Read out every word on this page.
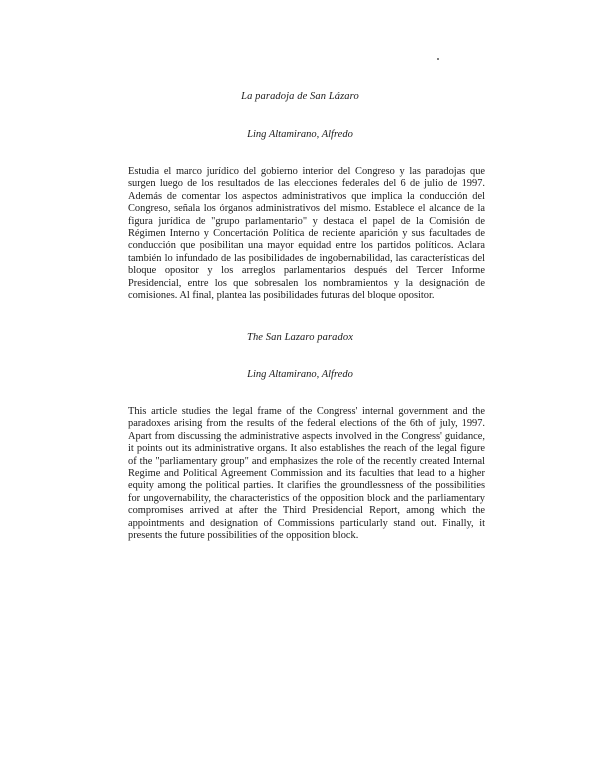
La paradoja de San Lázaro
Ling Altamirano, Alfredo

Estudia el marco jurídico del gobierno interior del Congreso y las paradojas que surgen luego de los resultados de las elecciones federales del 6 de julio de 1997. Además de comentar los aspectos administrativos que implica la conducción del Congreso, señala los órganos administrativos del mismo. Establece el alcance de la figura jurídica de "grupo parlamentario" y destaca el papel de la Comisión de Régimen Interno y Concertación Política de reciente aparición y sus facultades de conducción que posibilitan una mayor equidad entre los partidos políticos. Aclara también lo infundado de las posibilidades de ingobernabilidad, las características del bloque opositor y los arreglos parlamentarios después del Tercer Informe Presidencial, entre los que sobresalen los nombramientos y la designación de comisiones. Al final, plantea las posibilidades futuras del bloque opositor.

The San Lazaro paradox
Ling Altamirano, Alfredo

This article studies the legal frame of the Congress' internal government and the paradoxes arising from the results of the federal elections of the 6th of july, 1997. Apart from discussing the administrative aspects involved in the Congress' guidance, it points out its administrative organs. It also establishes the reach of the legal figure of the "parliamentary group" and emphasizes the role of the recently created Internal Regime and Political Agreement Commission and its faculties that lead to a higher equity among the political parties. It clarifies the groundlessness of the possibilities for ungovernability, the characteristics of the opposition block and the parliamentary compromises arrived at after the Third Presidencial Report, among which the appointments and designation of Commissions particularly stand out. Finally, it presents the future possibilities of the opposition block.
